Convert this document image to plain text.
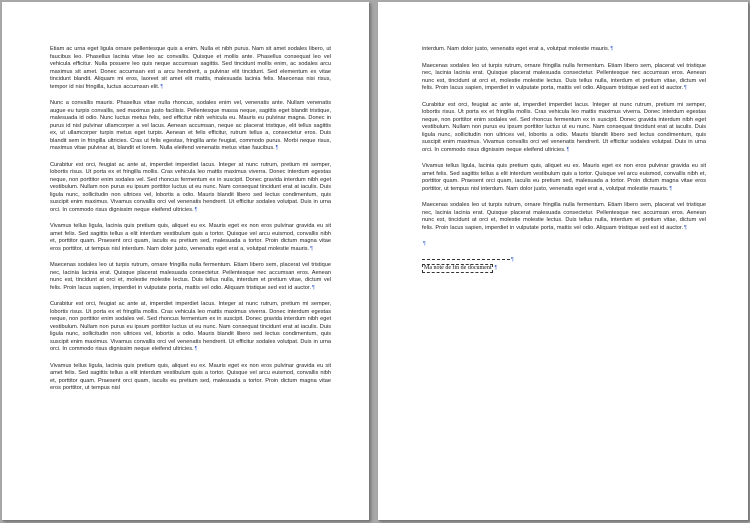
Etiam ac urna eget ligula ornare pellentesque quis a enim. Nulla et nibh purus. Nam sit amet sodales libero, ut faucibus leo. Phasellus lacinia vitae leo ac convallis. Quisque et mollis ante. Phasellus consequat leo vel vehicula efficitur. Nulla posuere leo quis neque accumsan sagittis. Sed tincidunt mollis enim, ac sodales arcu maximus sit amet. Donec accumsan est a arcu hendrerit, a pulvinar elit tincidunt. Sed elementum ex vitae tincidunt blandit. Aliquam mi eros, laoreet sit amet elit mattis, malesuada lacinia felis. Maecenas nisi risus, tempor id nisi fringilla, luctus accumsan elit.¶

Nunc a convallis mauris. Phasellus vitae nulla rhoncus, sodales enim vel, venenatis ante. Nullam venenatis augue eu turpis convallis, sed maximus justo facilisis. Pellentesque massa neque, sagittis eget blandit tristique, malesuada id odio. Nunc luctus metus felis, sed efficitur nibh vehicula eu. Mauris eu pulvinar magna. Donec in purus id nisl pulvinar ullamcorper a vel lacus. Aenean accumsan, neque ac placerat tristique, elit tellus sagittis ex, ut ullamcorper turpis metus eget turpis. Aenean et felis efficitur, rutrum tellus a, consectetur eros. Duis blandit sem in fringilla ultricies. Cras ut felis egestas, fringilla ante feugiat, commodo purus. Morbi neque risus, maximus vitae pulvinar at, blandit et lorem. Nulla eleifend venenatis metus vitae faucibus.¶

Curabitur est orci, feugiat ac ante at, imperdiet imperdiet lacus. Integer at nunc rutrum, pretium mi semper, lobortis risus. Ut porta ex et fringilla mollis. Cras vehicula leo mattis maximus viverra. Donec interdum egestas neque, non porttitor enim sodales vel. Sed rhoncus fermentum ex in suscipit. Donec gravida interdum nibh eget vestibulum. Nullam non purus eu ipsum porttitor luctus ut eu nunc. Nam consequat tincidunt erat at iaculis. Duis ligula nunc, sollicitudin non ultrices vel, lobortis a odio. Mauris blandit libero sed lectus condimentum, quis suscipit enim maximus. Vivamus convallis orci vel venenatis hendrerit. Ut efficitur sodales volutpat. Duis in urna orci. In commodo risus dignissim neque eleifend ultricies.¶

Vivamus tellus ligula, lacinia quis pretium quis, aliquet eu ex. Mauris eget ex non eros pulvinar gravida eu sit amet felis. Sed sagittis tellus a elit interdum vestibulum quis a tortor. Quisque vel arcu euismod, convallis nibh et, porttitor quam. Praesent orci quam, iaculis eu pretium sed, malesuada a tortor. Proin dictum magna vitae eros porttitor, ut tempus nisl interdum. Nam dolor justo, venenatis eget erat a, volutpat molestie mauris.¶

Maecenas sodales leo ut turpis rutrum, ornare fringilla nulla fermentum. Etiam libero sem, placerat vel tristique nec, lacinia lacinia erat. Quisque placerat malesuada consectetur. Pellentesque nec accumsan eros. Aenean nunc est, tincidunt at orci et, molestie molestie lectus. Duis tellus nulla, interdum et pretium vitae, dictum vel felis. Proin lacus sapien, imperdiet in vulputate porta, mattis vel odio. Aliquam tristique sed est id auctor.¶

Curabitur est orci, feugiat ac ante at, imperdiet imperdiet lacus. Integer at nunc rutrum, pretium mi semper, lobortis risus. Ut porta ex et fringilla mollis. Cras vehicula leo mattis maximus viverra. Donec interdum egestas neque, non porttitor enim sodales vel. Sed rhoncus fermentum ex in suscipit. Donec gravida interdum nibh eget vestibulum. Nullam non purus eu ipsum porttitor luctus ut eu nunc. Nam consequat tincidunt erat at iaculis. Duis ligula nunc, sollicitudin non ultrices vel, lobortis a odio. Mauris blandit libero sed lectus condimentum, quis suscipit enim maximus. Vivamus convallis orci vel venenatis hendrerit. Ut efficitur sodales volutpat. Duis in urna orci. In commodo risus dignissim neque eleifend ultricies.¶

Vivamus tellus ligula, lacinia quis pretium quis, aliquet eu ex. Mauris eget ex non eros pulvinar gravida eu sit amet felis. Sed sagittis tellus a elit interdum vestibulum quis a tortor. Quisque vel arcu euismod, convallis nibh et, porttitor quam. Praesent orci quam, iaculis eu pretium sed, malesuada a tortor. Proin dictum magna vitae eros porttitor, ut tempus nisl

interdum. Nam dolor justo, venenatis eget erat a, volutpat molestie mauris.¶

Maecenas sodales leo ut turpis rutrum, ornare fringilla nulla fermentum. Etiam libero sem, placerat vel tristique nec, lacinia lacinia erat. Quisque placerat malesuada consectetur. Pellentesque nec accumsan eros. Aenean nunc est, tincidunt at orci et, molestie molestie lectus. Duis tellus nulla, interdum et pretium vitae, dictum vel felis. Proin lacus sapien, imperdiet in vulputate porta, mattis vel odio. Aliquam tristique sed est id auctor.¶

Curabitur est orci, feugiat ac ante at, imperdiet imperdiet lacus. Integer at nunc rutrum, pretium mi semper, lobortis risus. Ut porta ex et fringilla mollis. Cras vehicula leo mattis maximus viverra. Donec interdum egestas neque, non porttitor enim sodales vel. Sed rhoncus fermentum ex in suscipit. Donec gravida interdum nibh eget vestibulum. Nullam non purus eu ipsum porttitor luctus ut eu nunc. Nam consequat tincidunt erat at iaculis. Duis ligula nunc, sollicitudin non ultrices vel, lobortis a odio. Mauris blandit libero sed lectus condimentum, quis suscipit enim maximus. Vivamus convallis orci vel venenatis hendrerit. Ut efficitur sodales volutpat. Duis in urna orci. In commodo risus dignissim neque eleifend ultricies.¶

Vivamus tellus ligula, lacinia quis pretium quis, aliquet eu ex. Mauris eget ex non eros pulvinar gravida eu sit amet felis. Sed sagittis tellus a elit interdum vestibulum quis a tortor. Quisque vel arcu euismod, convallis nibh et, porttitor quam. Praesent orci quam, iaculis eu pretium sed, malesuada a tortor. Proin dictum magna vitae eros porttitor, ut tempus nisl interdum. Nam dolor justo, venenatis eget erat a, volutpat molestie mauris.¶

Maecenas sodales leo ut turpis rutrum, ornare fringilla nulla fermentum. Etiam libero sem, placerat vel tristique nec, lacinia lacinia erat. Quisque placerat malesuada consectetur. Pellentesque nec accumsan eros. Aenean nunc est, tincidunt at orci et, molestie molestie lectus. Duis tellus nulla, interdum et pretium vitae, dictum vel felis. Proin lacus sapien, imperdiet in vulputate porta, mattis vel odio. Aliquam tristique sed est id auctor.¶

¶

¶
Ma note de fin de document ¶
